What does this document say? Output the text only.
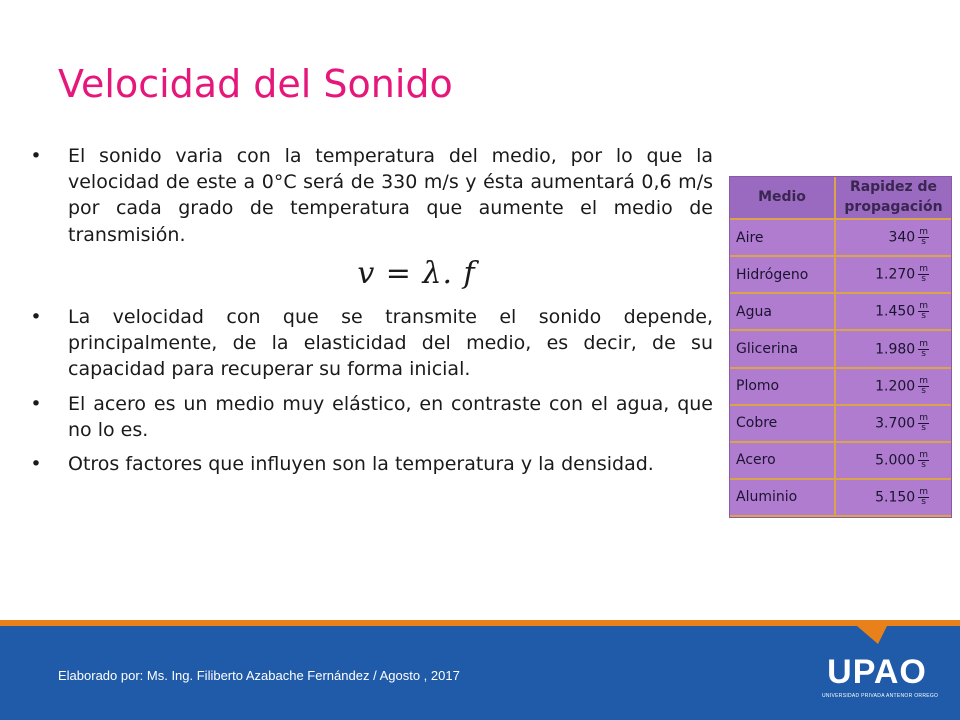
Velocidad del Sonido
• El sonido varia con la temperatura del medio, por lo que la velocidad de este a 0°C será de 330 m/s y ésta aumentará 0,6 m/s por cada grado de temperatura que aumente el medio de transmisión.
v = λ. f
• La velocidad con que se transmite el sonido depende, principalmente, de la elasticidad del medio, es decir, de su capacidad para recuperar su forma inicial.
• El acero es un medio muy elástico, en contraste con el agua, que no lo es.
• Otros factores que influyen son la temperatura y la densidad.
Medio	Rapidez de propagación
Aire	$340 \frac{m}{s}$

Hidrógeno	$1.270 \frac{m}{s}$

Agua	$1.450 \frac{m}{s}$

Glicerina	$1.980 \frac{m}{s}$

Plomo	$1.200 \frac{m}{s}$

Cobre	$3.700 \frac{m}{s}$

Acero	$5.000 \frac{m}{s}$

Aluminio	$5.150 \frac{m}{s}$
Elaborado por: Ms. Ing. Filiberto Azabache Fernández / Agosto , 2017	UPAO
UNIVERSIDAD PRIVADA ANTENOR ORREGO
